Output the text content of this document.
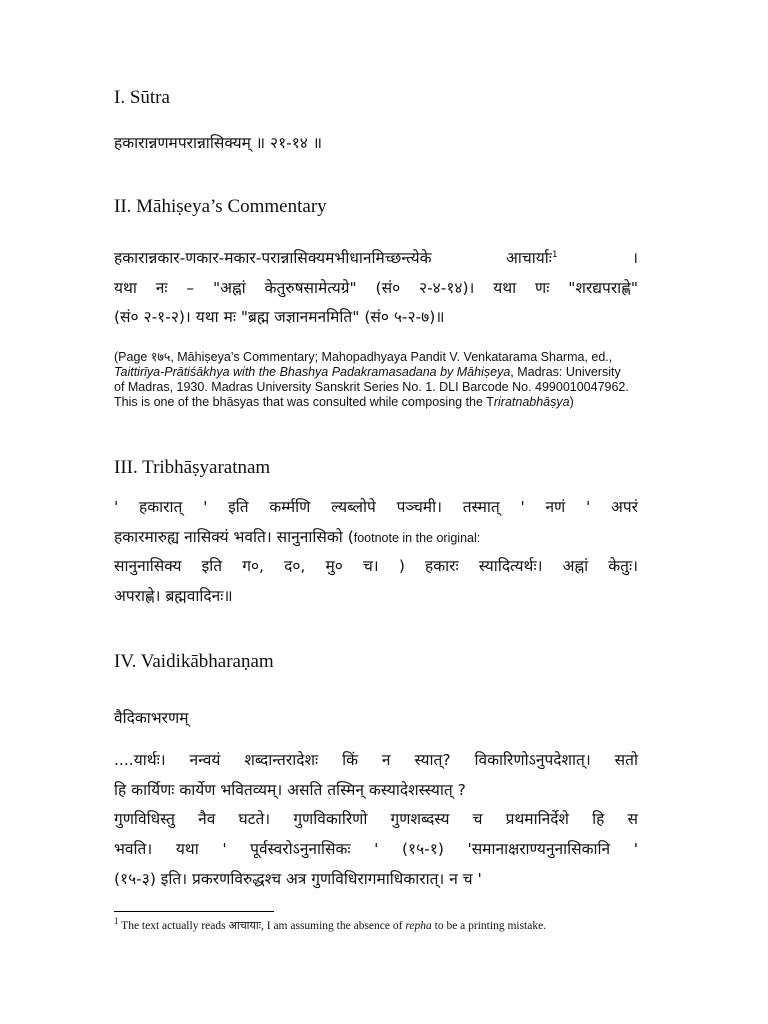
I. Sūtra
हकारान्नणमपरान्नासिक्यम् ॥ २१-१४ ॥
II. Māhiṣeya’s Commentary
हकारान्नकार-णकार-मकार-परान्नासिक्यमभीधानमिच्छन्त्येके आचार्याः$^1$	।
यथा नः – "अह्नां केतुरुषसामेत्यग्रे" (सं० २-४-१४)। यथा णः "शरद्यपराह्णे"
(सं० २-१-२)। यथा मः "ब्रह्म जज्ञानमनमिति" (सं० ५-२-७)॥
(Page १७५, Māhiṣeya’s Commentary; Mahopadhyaya Pandit V. Venkatarama Sharma, ed.,
Taittirīya-Prātiśākhya with the Bhashya Padakramasadana by Māhiṣeya, Madras: University
of Madras, 1930. Madras University Sanskrit Series No. 1. DLI Barcode No. 4990010047962.
This is one of the bhāsyas that was consulted while composing the Triratnabhāṣya)
III. Tribhāṣyaratnam
' हकारात् ' इति कर्म्मणि ल्यब्लोपे पञ्चमी। तस्मात् ' नणं ' अपरं
हकारमारुह्य नासिक्यं भवति। सानुनासिको (footnote in the original:
सानुनासिक्य इति ग०, द०, मु० च। ) हकारः स्यादित्यर्थः। अह्नां केतुः।
अपराह्णे। ब्रह्मवादिनः॥
IV. Vaidikābharaṇam
वैदिकाभरणम्
....यार्थः। नन्वयं शब्दान्तरादेशः किं न स्यात्? विकारिणोऽनुपदेशात्। सतो
हि कार्यिणः कार्येण भवितव्यम्। असति तस्मिन् कस्यादेशस्स्यात् ?
गुणविधिस्तु नैव घटते। गुणविकारिणो गुणशब्दस्य च प्रथमानिर्देशे हि स
भवति। यथा ' पूर्वस्वरोऽनुनासिकः ' (१५-१) 'समानाक्षराण्यनुनासिकानि '
(१५-३) इति। प्रकरणविरुद्धश्च अत्र गुणविधिरागमाधिकारात्। न च '
$^1$ The text actually reads आचायाः, I am assuming the absence of repha to be a printing mistake.
